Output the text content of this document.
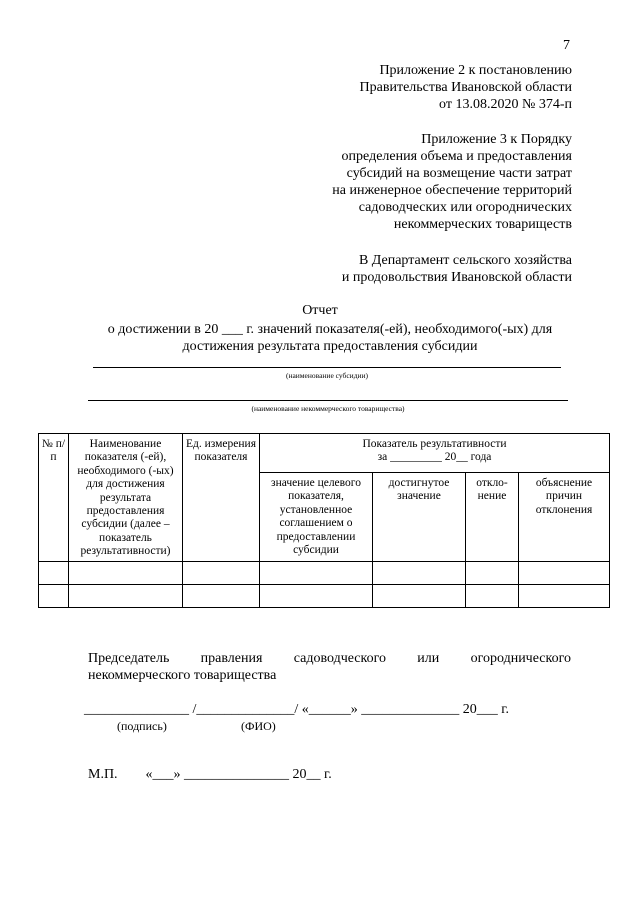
7
Приложение 2 к постановлению
Правительства Ивановской области
от 13.08.2020 № 374-п
Приложение 3 к Порядку
определения объема и предоставления
субсидий на возмещение части затрат
на инженерное обеспечение территорий
садоводческих или огороднических
некоммерческих товариществ
В Департамент сельского хозяйства
и продовольствия Ивановской области
Отчет
о достижении в 20 ___ г. значений показателя(-ей), необходимого(-ых) для
достижения результата предоставления субсидии
(наименование субсидии)
(наименование некоммерческого товарищества)
№ п/п	Наименование показателя (-ей), необходимого (-ых) для достижения результата предоставления субсидии (далее – показатель результативности)	Ед. измерения показателя	Показатель результативности
за _________ 20__ года			

			значение целевого показателя, установленное соглашением о предоставлении субсидии	достигнутое значение	откло-нение	объяснение причин отклонения

Председатель правления садоводческого или огороднического
некоммерческого товарищества
_______________ /______________/ «______» ______________ 20___ г.
(подпись)	(ФИО)
М.П.        «___» _______________ 20__ г.
